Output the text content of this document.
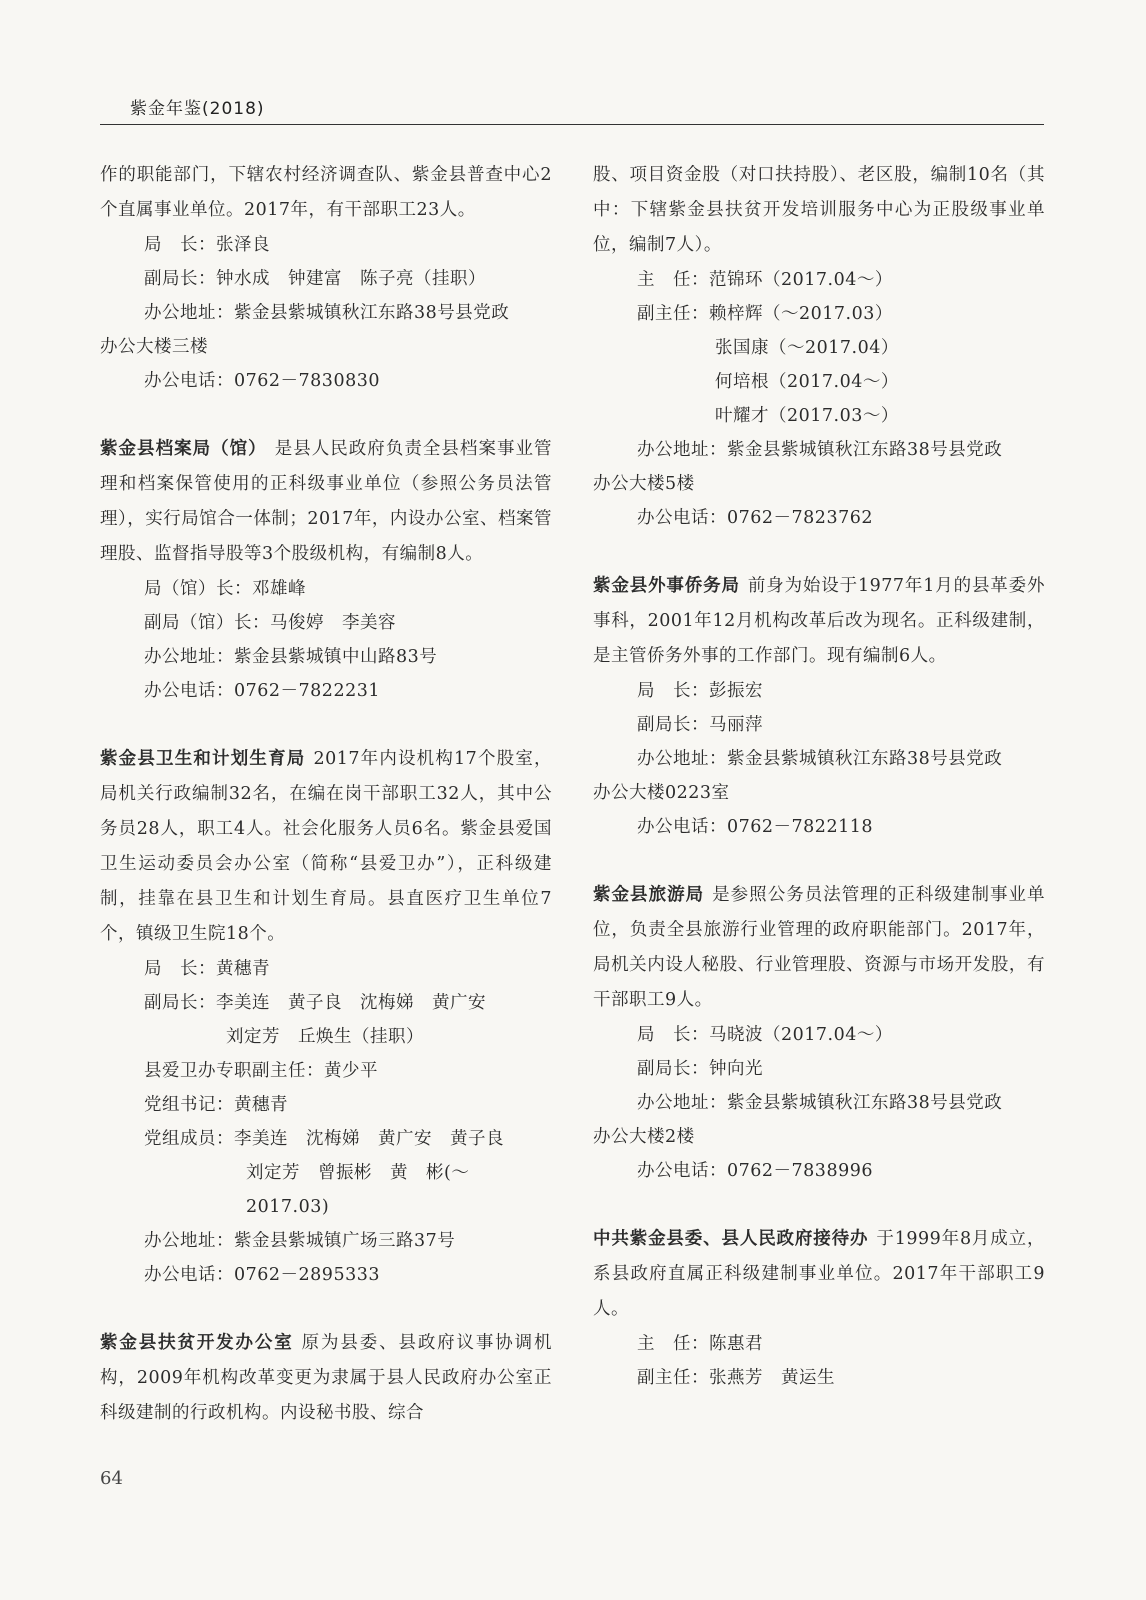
紫金年鉴(2018)

作的职能部门，下辖农村经济调查队、紫金县普查中心2个直属事业单位。2017年，有干部职工23人。

局　长：张泽良

副局长：钟水成　钟建富　陈子亮（挂职）

办公地址：紫金县紫城镇秋江东路38号县党政

办公大楼三楼

办公电话：0762－7830830

紫金县档案局（馆） 是县人民政府负责全县档案事业管理和档案保管使用的正科级事业单位（参照公务员法管理），实行局馆合一体制；2017年，内设办公室、档案管理股、监督指导股等3个股级机构，有编制8人。

局（馆）长：邓雄峰

副局（馆）长：马俊婷　李美容

办公地址：紫金县紫城镇中山路83号

办公电话：0762－7822231

紫金县卫生和计划生育局 2017年内设机构17个股室，局机关行政编制32名，在编在岗干部职工32人，其中公务员28人，职工4人。社会化服务人员6名。紫金县爱国卫生运动委员会办公室（简称“县爱卫办”），正科级建制，挂靠在县卫生和计划生育局。县直医疗卫生单位7个，镇级卫生院18个。

局　长：黄穗青

副局长：李美连　黄子良　沈梅娣　黄广安

刘定芳　丘焕生（挂职）

县爱卫办专职副主任：黄少平

党组书记：黄穗青

党组成员：李美连　沈梅娣　黄广安　黄子良

刘定芳　曾振彬　黄　彬(～2017.03)

办公地址：紫金县紫城镇广场三路37号

办公电话：0762－2895333

紫金县扶贫开发办公室 原为县委、县政府议事协调机构，2009年机构改革变更为隶属于县人民政府办公室正科级建制的行政机构。内设秘书股、综合

股、项目资金股（对口扶持股）、老区股，编制10名（其中：下辖紫金县扶贫开发培训服务中心为正股级事业单位，编制7人）。

主　任：范锦环（2017.04～）

副主任：赖梓辉（～2017.03）

张国康（～2017.04）

何培根（2017.04～）

叶耀才（2017.03～）

办公地址：紫金县紫城镇秋江东路38号县党政

办公大楼5楼

办公电话：0762－7823762

紫金县外事侨务局 前身为始设于1977年1月的县革委外事科，2001年12月机构改革后改为现名。正科级建制，是主管侨务外事的工作部门。现有编制6人。

局　长：彭振宏

副局长：马丽萍

办公地址：紫金县紫城镇秋江东路38号县党政

办公大楼0223室

办公电话：0762－7822118

紫金县旅游局 是参照公务员法管理的正科级建制事业单位，负责全县旅游行业管理的政府职能部门。2017年，局机关内设人秘股、行业管理股、资源与市场开发股，有干部职工9人。

局　长：马晓波（2017.04～）

副局长：钟向光

办公地址：紫金县紫城镇秋江东路38号县党政

办公大楼2楼

办公电话：0762－7838996

中共紫金县委、县人民政府接待办 于1999年8月成立，系县政府直属正科级建制事业单位。2017年干部职工9人。

主　任：陈惠君

副主任：张燕芳　黄运生

64
